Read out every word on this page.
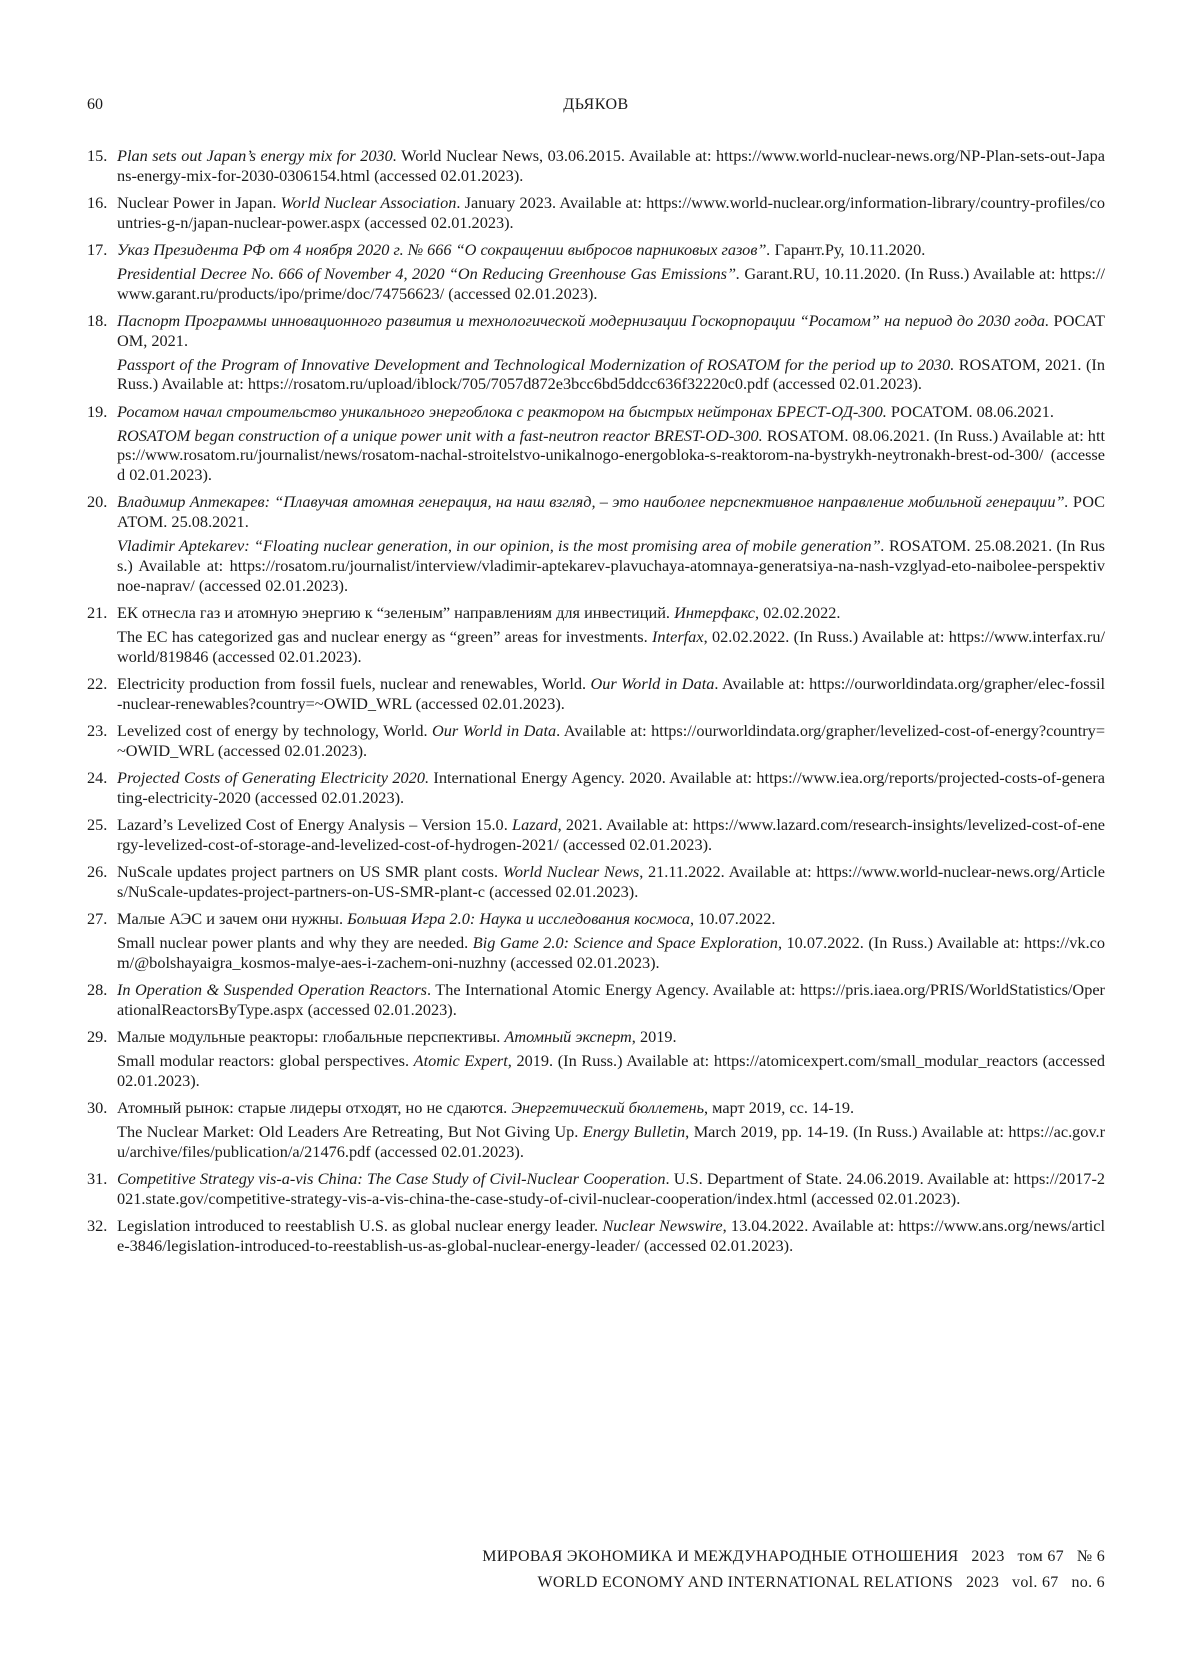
60	ДЬЯКОВ
15. Plan sets out Japan’s energy mix for 2030. World Nuclear News, 03.06.2015. Available at: https://www.world-nuclear-news.org/NP-Plan-sets-out-Japans-energy-mix-for-2030-0306154.html (accessed 02.01.2023).
16. Nuclear Power in Japan. World Nuclear Association. January 2023. Available at: https://www.world-nuclear.org/information-library/country-profiles/countries-g-n/japan-nuclear-power.aspx (accessed 02.01.2023).
17. Указ Президента РФ от 4 ноября 2020 г. № 666 “О сокращении выбросов парниковых газов”. Гарант.Ру, 10.11.2020.
Presidential Decree No. 666 of November 4, 2020 “On Reducing Greenhouse Gas Emissions”. Garant.RU, 10.11.2020. (In Russ.) Available at: https://www.garant.ru/products/ipo/prime/doc/74756623/ (accessed 02.01.2023).
18. Паспорт Программы инновационного развития и технологической модернизации Госкорпорации “Росатом” на период до 2030 года. РОСАТОМ, 2021.
Passport of the Program of Innovative Development and Technological Modernization of ROSATOM for the period up to 2030. ROSATOM, 2021. (In Russ.) Available at: https://rosatom.ru/upload/iblock/705/7057d872e3bcc6bd5ddcc636f32220c0.pdf (accessed 02.01.2023).
19. Росатом начал строительство уникального энергоблока с реактором на быстрых нейтронах БРЕСТ-ОД-300. РОСАТОМ. 08.06.2021.
ROSATOM began construction of a unique power unit with a fast-neutron reactor BREST-OD-300. ROSATOM. 08.06.2021. (In Russ.) Available at: https://www.rosatom.ru/journalist/news/rosatom-nachal-stroitelstvo-unikalnogo-energobloka-s-reaktorom-na-bystrykh-neytronakh-brest-od-300/ (accessed 02.01.2023).
20. Владимир Аптекарев: “Плавучая атомная генерация, на наш взгляд, – это наиболее перспективное направление мобильной генерации”. РОСАТОМ. 25.08.2021.
Vladimir Aptekarev: “Floating nuclear generation, in our opinion, is the most promising area of mobile generation”. ROSATOM. 25.08.2021. (In Russ.) Available at: https://rosatom.ru/journalist/interview/vladimir-aptekarev-plavuchaya-atomnaya-generatsiya-na-nash-vzglyad-eto-naibolee-perspektivnoe-naprav/ (accessed 02.01.2023).
21. ЕК отнесла газ и атомную энергию к “зеленым” направлениям для инвестиций. Интерфакс, 02.02.2022.
The EC has categorized gas and nuclear energy as “green” areas for investments. Interfax, 02.02.2022. (In Russ.) Available at: https://www.interfax.ru/world/819846 (accessed 02.01.2023).
22. Electricity production from fossil fuels, nuclear and renewables, World. Our World in Data. Available at: https://ourworldindata.org/grapher/elec-fossil-nuclear-renewables?country=~OWID_WRL (accessed 02.01.2023).
23. Levelized cost of energy by technology, World. Our World in Data. Available at: https://ourworldindata.org/grapher/levelized-cost-of-energy?country=~OWID_WRL (accessed 02.01.2023).
24. Projected Costs of Generating Electricity 2020. International Energy Agency. 2020. Available at: https://www.iea.org/reports/projected-costs-of-generating-electricity-2020 (accessed 02.01.2023).
25. Lazard’s Levelized Cost of Energy Analysis – Version 15.0. Lazard, 2021. Available at: https://www.lazard.com/research-insights/levelized-cost-of-energy-levelized-cost-of-storage-and-levelized-cost-of-hydrogen-2021/ (accessed 02.01.2023).
26. NuScale updates project partners on US SMR plant costs. World Nuclear News, 21.11.2022. Available at: https://www.world-nuclear-news.org/Articles/NuScale-updates-project-partners-on-US-SMR-plant-c (accessed 02.01.2023).
27. Малые АЭС и зачем они нужны. Большая Игра 2.0: Наука и исследования космоса, 10.07.2022.
Small nuclear power plants and why they are needed. Big Game 2.0: Science and Space Exploration, 10.07.2022. (In Russ.) Available at: https://vk.com/@bolshayaigra_kosmos-malye-aes-i-zachem-oni-nuzhny (accessed 02.01.2023).
28. In Operation & Suspended Operation Reactors. The International Atomic Energy Agency. Available at: https://pris.iaea.org/PRIS/WorldStatistics/OperationalReactorsByType.aspx (accessed 02.01.2023).
29. Малые модульные реакторы: глобальные перспективы. Атомный эксперт, 2019.
Small modular reactors: global perspectives. Atomic Expert, 2019. (In Russ.) Available at: https://atomicexpert.com/small_modular_reactors (accessed 02.01.2023).
30. Атомный рынок: старые лидеры отходят, но не сдаются. Энергетический бюллетень, март 2019, сс. 14-19.
The Nuclear Market: Old Leaders Are Retreating, But Not Giving Up. Energy Bulletin, March 2019, pp. 14-19. (In Russ.) Available at: https://ac.gov.ru/archive/files/publication/a/21476.pdf (accessed 02.01.2023).
31. Competitive Strategy vis-a-vis China: The Case Study of Civil-Nuclear Cooperation. U.S. Department of State. 24.06.2019. Available at: https://2017-2021.state.gov/competitive-strategy-vis-a-vis-china-the-case-study-of-civil-nuclear-cooperation/index.html (accessed 02.01.2023).
32. Legislation introduced to reestablish U.S. as global nuclear energy leader. Nuclear Newswire, 13.04.2022. Available at: https://www.ans.org/news/article-3846/legislation-introduced-to-reestablish-us-as-global-nuclear-energy-leader/ (accessed 02.01.2023).
МИРОВАЯ ЭКОНОМИКА И МЕЖДУНАРОДНЫЕ ОТНОШЕНИЯ   2023   том 67   № 6
WORLD ECONOMY AND INTERNATIONAL RELATIONS   2023   vol. 67   no. 6
